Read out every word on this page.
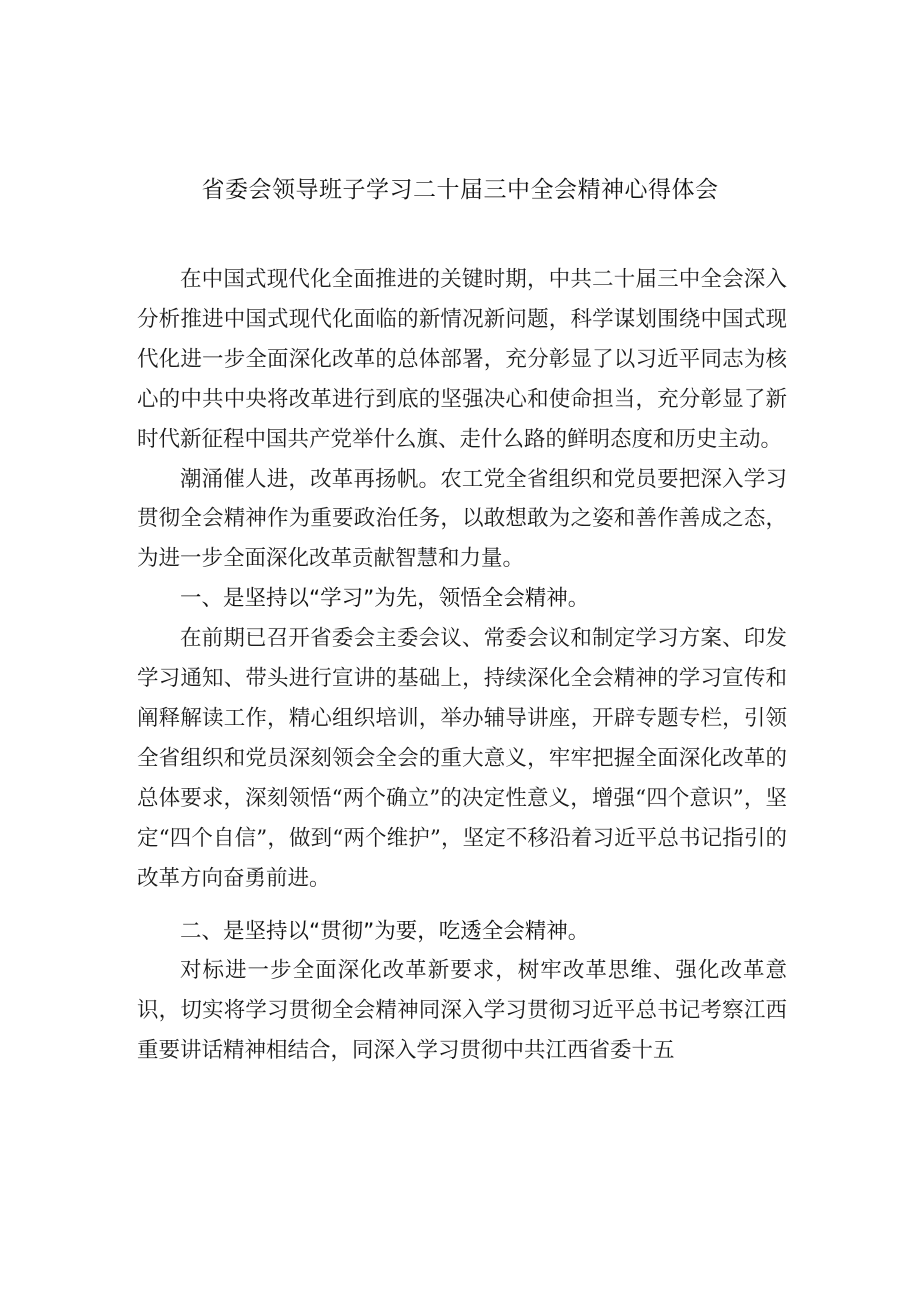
省委会领导班子学习二十届三中全会精神心得体会

在中国式现代化全面推进的关键时期，中共二十届三中全会深入分析推进中国式现代化面临的新情况新问题，科学谋划围绕中国式现代化进一步全面深化改革的总体部署，充分彰显了以习近平同志为核心的中共中央将改革进行到底的坚强决心和使命担当，充分彰显了新时代新征程中国共产党举什么旗、走什么路的鲜明态度和历史主动。

潮涌催人进，改革再扬帆。农工党全省组织和党员要把深入学习贯彻全会精神作为重要政治任务，以敢想敢为之姿和善作善成之态，为进一步全面深化改革贡献智慧和力量。

一、是坚持以“学习”为先，领悟全会精神。

在前期已召开省委会主委会议、常委会议和制定学习方案、印发学习通知、带头进行宣讲的基础上，持续深化全会精神的学习宣传和阐释解读工作，精心组织培训，举办辅导讲座，开辟专题专栏，引领全省组织和党员深刻领会全会的重大意义，牢牢把握全面深化改革的总体要求，深刻领悟“两个确立”的决定性意义，增强“四个意识”，坚定“四个自信”，做到“两个维护”，坚定不移沿着习近平总书记指引的改革方向奋勇前进。

二、是坚持以“贯彻”为要，吃透全会精神。

对标进一步全面深化改革新要求，树牢改革思维、强化改革意识，切实将学习贯彻全会精神同深入学习贯彻习近平总书记考察江西重要讲话精神相结合，同深入学习贯彻中共江西省委十五
